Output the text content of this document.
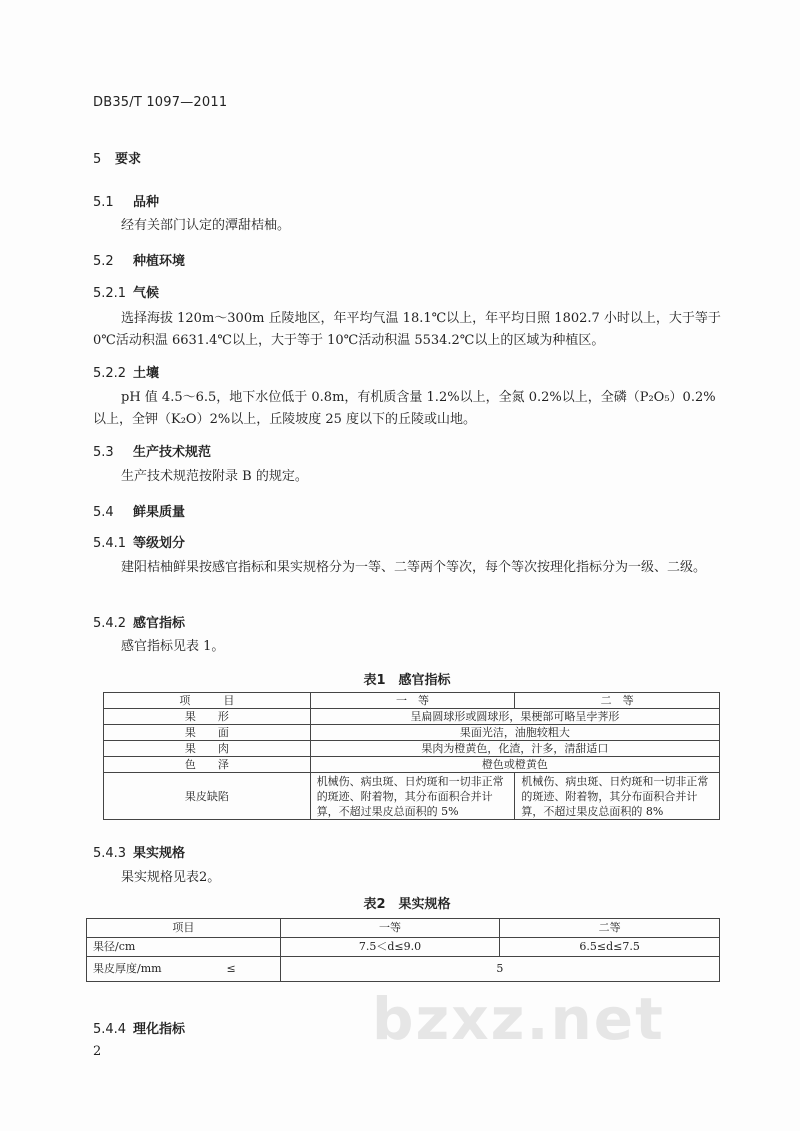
DB35/T 1097—2011
5 要求
5.1 品种
经有关部门认定的潭甜桔柚。
5.2 种植环境
5.2.1 气候
选择海拔 120m～300m 丘陵地区，年平均气温 18.1℃以上，年平均日照 1802.7 小时以上，大于等于 0℃活动积温 6631.4℃以上，大于等于 10℃活动积温 5534.2℃以上的区域为种植区。
5.2.2 土壤
pH 值 4.5～6.5，地下水位低于 0.8m，有机质含量 1.2%以上，全氮 0.2%以上，全磷（P₂O₅）0.2%以上，全钾（K₂O）2%以上，丘陵坡度 25 度以下的丘陵或山地。
5.3 生产技术规范
生产技术规范按附录 B 的规定。
5.4 鲜果质量
5.4.1 等级划分
建阳桔柚鲜果按感官指标和果实规格分为一等、二等两个等次，每个等次按理化指标分为一级、二级。
5.4.2 感官指标
感官指标见表 1。
表1　感官指标
项　　　目	一　等	二　等
果　　形	呈扁圆球形或圆球形，果梗部可略呈孛荠形	
果　　面	果面光洁，油胞较粗大	
果　　肉	果肉为橙黄色，化渣，汁多，清甜适口	
色　　泽	橙色或橙黄色	
果皮缺陷	机械伤、病虫斑、日灼斑和一切非正常的斑迹、附着物，其分布面积合并计算，不超过果皮总面积的 5%	机械伤、病虫斑、日灼斑和一切非正常的斑迹、附着物，其分布面积合并计算，不超过果皮总面积的 8%
5.4.3 果实规格
果实规格见表2。
表2　果实规格
项目	一等	二等
果径/cm	7.5＜d≤9.0	6.5≤d≤7.5
果皮厚度/mm ≤	5	
bzxz.net
5.4.4 理化指标
2
